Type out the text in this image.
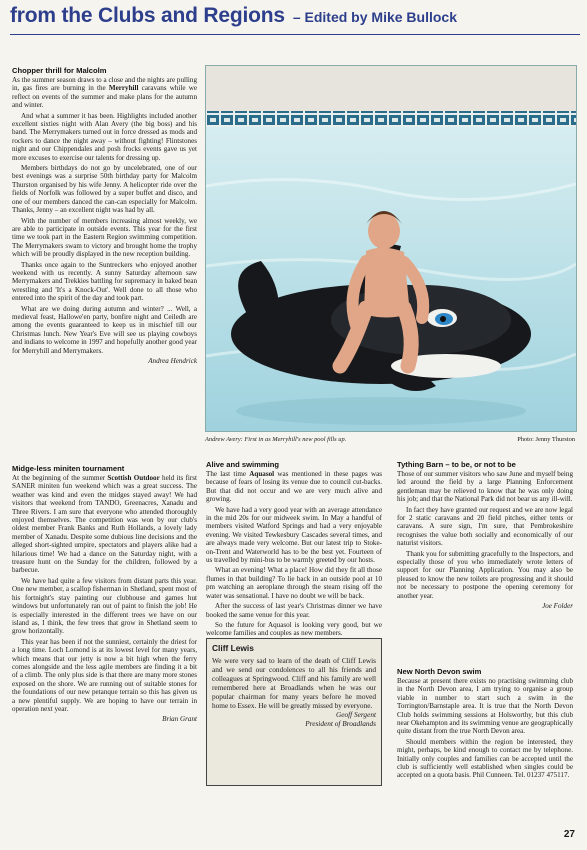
from the Clubs and Regions – Edited by Mike Bullock
Chopper thrill for Malcolm

As the summer season draws to a close and the nights are pulling in, gas fires are burning in the Merryhill caravans while we reflect on events of the summer and make plans for the autumn and winter.

And what a summer it has been. Highlights included another excellent sixties night with Alan Avery (the big boss) and his band. The Merrymakers turned out in force dressed as mods and rockers to dance the night away – without fighting! Flintstones night and our Chippendales and posh frocks events gave us yet more excuses to exercise our talents for dressing up.

Members birthdays do not go by uncelebrated, one of our best evenings was a surprise 50th birthday party for Malcolm Thurston organised by his wife Jenny. A helicopter ride over the fields of Norfolk was followed by a super buffet and disco, and one of our members danced the can-can especially for Malcolm. Thanks, Jenny – an excellent night was had by all.

With the number of members increasing almost weekly, we are able to participate in outside events. This year for the first time we took part in the Eastern Region swimming competition. The Merrymakers swam to victory and brought home the trophy which will be proudly displayed in the new reception building.

Thanks once again to the Suntreckers who enjoyed another weekend with us recently. A sunny Saturday afternoon saw Merrymakers and Trekkies battling for supremacy in baked bean wrestling and 'It's a Knock-Out'. Well done to all those who entered into the spirit of the day and took part.

What are we doing during autumn and winter? ... Well, a medieval feast, Hallowe'en party, bonfire night and Ceiledh are among the events guaranteed to keep us in mischief till our Christmas lunch. New Year's Eve will see us playing cowboys and indians to welcome in 1997 and hopefully another good year for Merryhill and Merrymakers.

Andrea Hendrick
Midge-less miniten tournament

At the beginning of the summer Scottish Outdoor held its first SANER miniten fun weekend which was a great success. The weather was kind and even the midges stayed away! We had visitors that weekend from TANDO, Greenacres, Xanadu and Three Rivers. I am sure that everyone who attended thoroughly enjoyed themselves. The competition was won by our club's oldest member Frank Banks and Ruth Hollands, a lovely lady member of Xanadu. Despite some dubious line decisions and the alleged short-sighted umpire, spectators and players alike had a hilarious time! We had a dance on the Saturday night, with a treasure hunt on the Sunday for the children, followed by a barbecue.

We have had quite a few visitors from distant parts this year. One new member, a scallop fisherman in Shetland, spent most of his fortnight's stay painting our clubhouse and games hut windows but unfortunately ran out of paint to finish the job! He is especially interested in the different trees we have on our island as, I think, the few trees that grow in Shetland seem to grow horizontally.

This year has been if not the sunniest, certainly the driest for a long time. Loch Lomond is at its lowest level for many years, which means that our jetty is now a bit high when the ferry comes alongside and the less agile members are finding it a bit of a climb. The only plus side is that there are many more stones exposed on the shore. We are running out of suitable stones for the foundations of our new petanque terrain so this has given us a new plentiful supply. We are hoping to have our terrain in operation next year.

Brian Grant
Andrew Avery: First in as Merryhill's new pool fills up.	Photo: Jenny Thurston
Alive and swimming

The last time Aquasol was mentioned in these pages was because of fears of losing its venue due to council cut-backs. But that did not occur and we are very much alive and growing.

We have had a very good year with an average attendance in the mid 20s for our midweek swim. In May a handful of members visited Watford Springs and had a very enjoyable evening. We visited Tewkesbury Cascades several times, and are always made very welcome. But our latest trip to Stoke-on-Trent and Waterworld has to be the best yet. Fourteen of us travelled by mini-bus to be warmly greeted by our hosts.

What an evening! What a place! How did they fit all those flumes in that building? To lie back in an outside pool at 10 pm watching an aeroplane through the steam rising off the water was sensational. I have no doubt we will be back.

After the success of last year's Christmas dinner we have booked the same venue for this year.

So the future for Aquasol is looking very good, but we welcome families and couples as new members.

Cliff Lewis

We were very sad to learn of the death of Cliff Lewis and we send our condolences to all his friends and colleagues at Springwood. Cliff and his family are well remembered here at Broadlands when he was our popular chairman for many years before he moved home to Essex. He will be greatly missed by everyone.

Geoff Sergent
President of Broadlands
Tything Barn – to be, or not to be

Those of our summer visitors who saw June and myself being led around the field by a large Planning Enforcement gentleman may be relieved to know that he was only doing his job; and that the National Park did not bear us any ill-will.

In fact they have granted our request and we are now legal for 2 static caravans and 20 field pitches, either tents or caravans. A sure sign, I'm sure, that Pembrokeshire recognises the value both socially and economically of our naturist visitors.

Thank you for submitting gracefully to the Inspectors, and especially those of you who immediately wrote letters of support for our Planning Application. You may also be pleased to know the new toilets are progressing and it should not be necessary to postpone the opening ceremony for another year.

Joe Folder
New North Devon swim

Because at present there exists no practising swimming club in the North Devon area, I am trying to organise a group viable in number to start such a swim in the Torrington/Barnstaple area. It is true that the North Devon Club holds swimming sessions at Holsworthy, but this club near Okehampton and its swimming venue are geographically quite distant from the true North Devon area.

Should members within the region be interested, they might, perhaps, be kind enough to contact me by telephone. Initially only couples and families can be accepted until the club is sufficiently well established when singles could be accepted on a quota basis. Phil Cunneen. Tel. 01237 475117.

27
